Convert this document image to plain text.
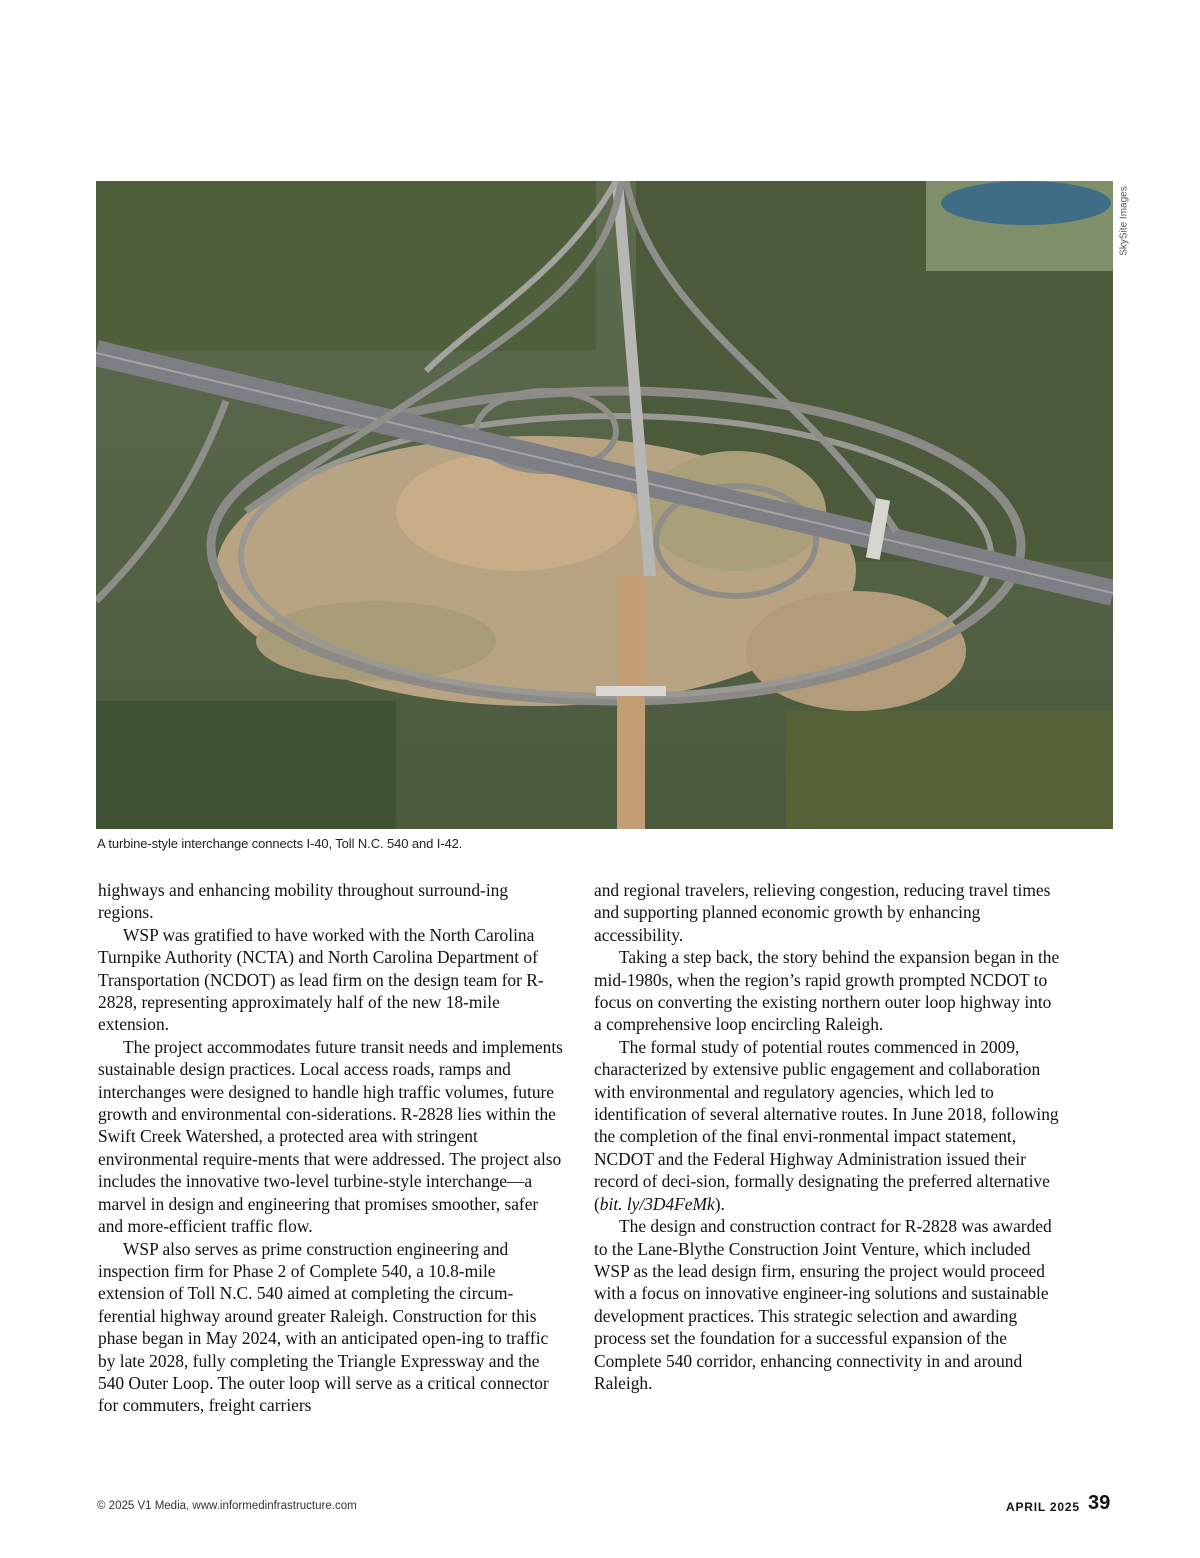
SkySite Images
A turbine-style interchange connects I-40, Toll N.C. 540 and I-42.

highways and enhancing mobility throughout surround-ing regions.

WSP was gratified to have worked with the North Carolina Turnpike Authority (NCTA) and North Carolina Department of Transportation (NCDOT) as lead firm on the design team for R-2828, representing approximately half of the new 18-mile extension.

The project accommodates future transit needs and implements sustainable design practices. Local access roads, ramps and interchanges were designed to handle high traffic volumes, future growth and environmental con-siderations. R-2828 lies within the Swift Creek Watershed, a protected area with stringent environmental require-ments that were addressed. The project also includes the innovative two-level turbine-style interchange—a marvel in design and engineering that promises smoother, safer and more-efficient traffic flow.

WSP also serves as prime construction engineering and inspection firm for Phase 2 of Complete 540, a 10.8-mile extension of Toll N.C. 540 aimed at completing the circum-ferential highway around greater Raleigh. Construction for this phase began in May 2024, with an anticipated open-ing to traffic by late 2028, fully completing the Triangle Expressway and the 540 Outer Loop. The outer loop will serve as a critical connector for commuters, freight carriers

and regional travelers, relieving congestion, reducing travel times and supporting planned economic growth by enhancing accessibility.

Taking a step back, the story behind the expansion began in the mid-1980s, when the region’s rapid growth prompted NCDOT to focus on converting the existing northern outer loop highway into a comprehensive loop encircling Raleigh.

The formal study of potential routes commenced in 2009, characterized by extensive public engagement and collaboration with environmental and regulatory agencies, which led to identification of several alternative routes. In June 2018, following the completion of the final envi-ronmental impact statement, NCDOT and the Federal Highway Administration issued their record of deci-sion, formally designating the preferred alternative (bit. ly/3D4FeMk).

The design and construction contract for R-2828 was awarded to the Lane-Blythe Construction Joint Venture, which included WSP as the lead design firm, ensuring the project would proceed with a focus on innovative engineer-ing solutions and sustainable development practices. This strategic selection and awarding process set the foundation for a successful expansion of the Complete 540 corridor, enhancing connectivity in and around Raleigh.

© 2025 V1 Media, www.informedinfrastructure.com	APRIL 2025 39
